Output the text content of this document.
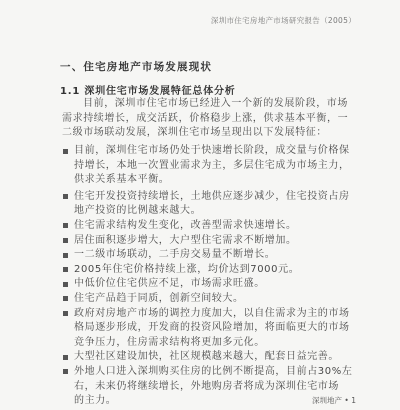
深圳市住宅房地产市场研究报告（2005）
一、住宅房地产市场发展现状
1.1 深圳住宅市场发展特征总体分析
目前，深圳市住宅市场已经进入一个新的发展阶段，市场
需求持续增长，成交活跃，价格稳步上涨，供求基本平衡，一
二级市场联动发展，深圳住宅市场呈现出以下发展特征：
目前，深圳住宅市场仍处于快速增长阶段，成交量与价格保
持增长，本地一次置业需求为主，多层住宅成为市场主力，
供求关系基本平衡。
住宅开发投资持续增长，土地供应逐步减少，住宅投资占房
地产投资的比例越来越大。
住宅需求结构发生变化，改善型需求快速增长。
居住面积逐步增大，大户型住宅需求不断增加。
一二级市场联动，二手房交易量不断增长。
2005年住宅价格持续上涨，均价达到7000元。
中低价位住宅供应不足，市场需求旺盛。
住宅产品趋于同质，创新空间较大。
政府对房地产市场的调控力度加大，以自住需求为主的市场
格局逐步形成，开发商的投资风险增加，将面临更大的市场
竞争压力，住房需求结构将更加多元化。
大型社区建设加快，社区规模越来越大，配套日益完善。
外地人口进入深圳购买住房的比例不断提高，目前占30%左
右，未来仍将继续增长，外地购房者将成为深圳住宅市场
的主力。	深圳地产 • 1
